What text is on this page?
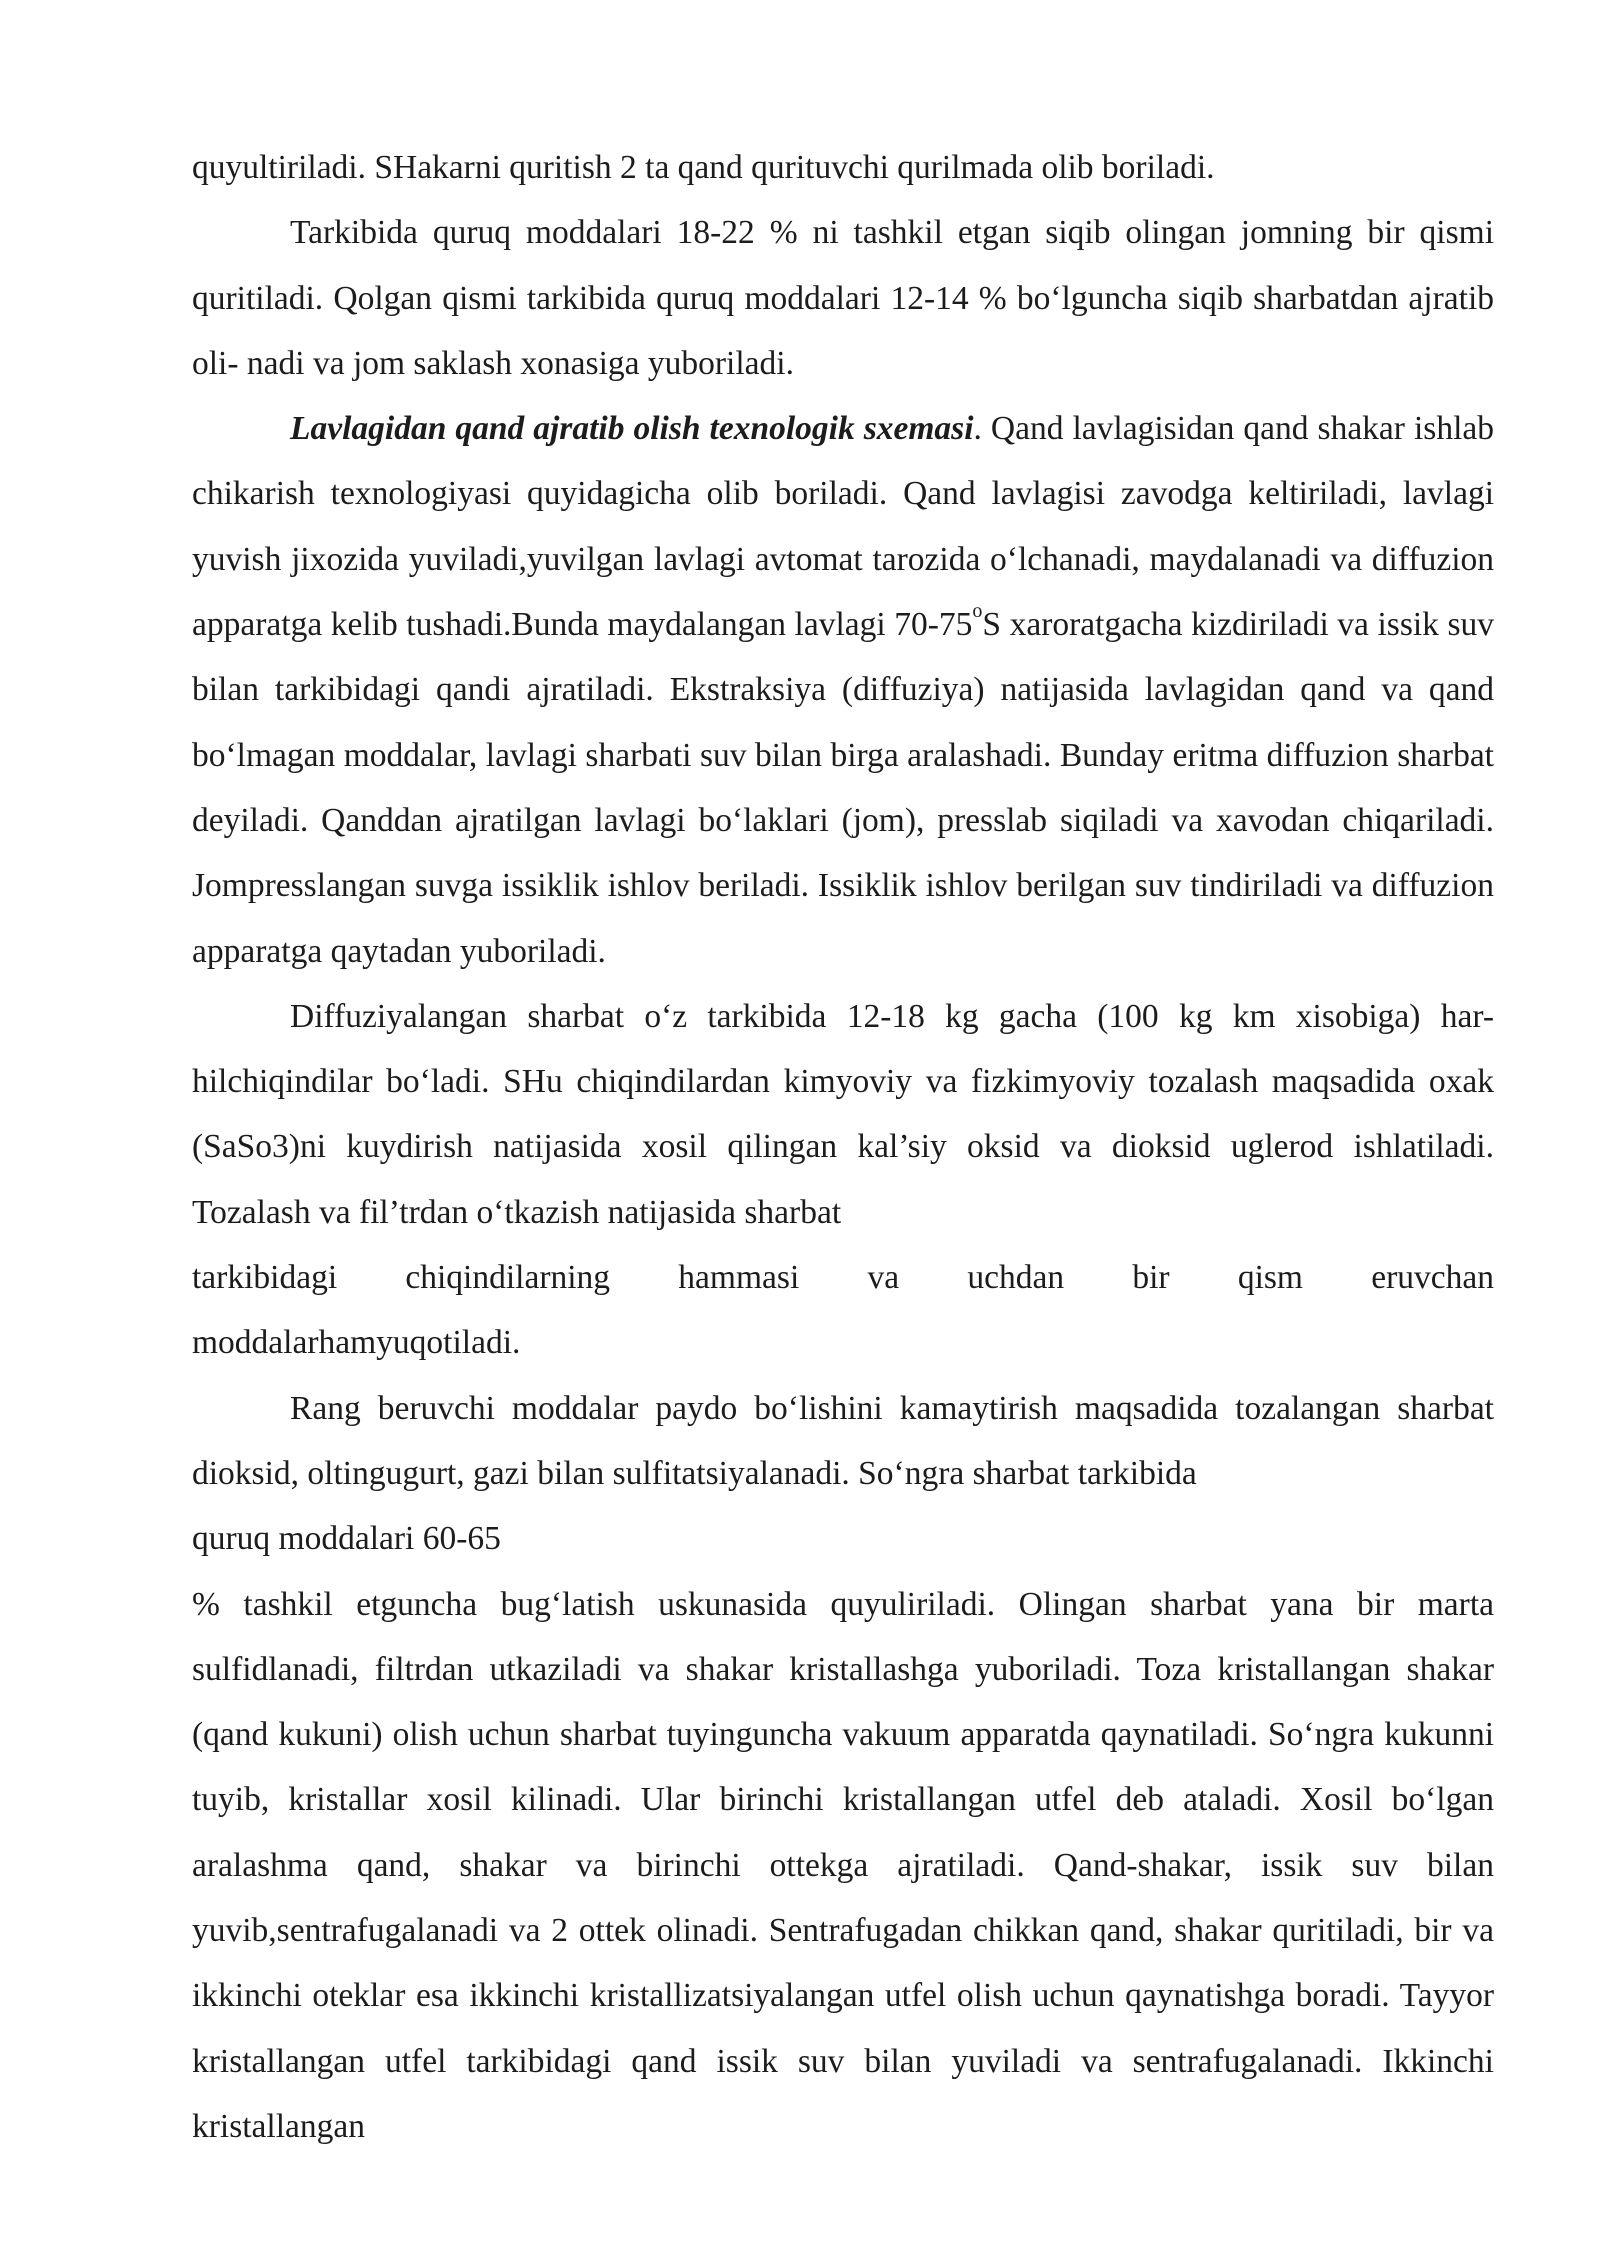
quyultiriladi. SHakarni quritish 2 ta qand qurituvchi qurilmada olib boriladi.

Tarkibida quruq moddalari 18-22 % ni tashkil etgan siqib olingan jomning bir qismi quritiladi. Qolgan qismi tarkibida quruq moddalari 12-14 % bo‘lguncha siqib sharbatdan ajratib oli- nadi va jom saklash xonasiga yuboriladi.

Lavlagidan qand ajratib olish texnologik sxemasi. Qand lavlagisidan qand shakar ishlab chikarish texnologiyasi quyidagicha olib boriladi. Qand lavlagisi zavodga keltiriladi, lavlagi yuvish jixozida yuviladi,yuvilgan lavlagi avtomat tarozida o‘lchanadi, maydalanadi va diffuzion apparatga kelib tushadi.Bunda maydalangan lavlagi 70-75$^o$S xaroratgacha kizdiriladi va issik suv bilan tarkibidagi qandi ajratiladi. Ekstraksiya (diffuziya) natijasida lavlagidan qand va qand bo‘lmagan moddalar, lavlagi sharbati suv bilan birga aralashadi. Bunday eritma diffuzion sharbat deyiladi. Qanddan ajratilgan lavlagi bo‘laklari (jom), presslab siqiladi va xavodan chiqariladi. Jompresslangan suvga issiklik ishlov beriladi. Issiklik ishlov berilgan suv tindiriladi va diffuzion apparatga qaytadan yuboriladi.

Diffuziyalangan sharbat o‘z tarkibida 12-18 kg gacha (100 kg km xisobiga) har- hilchiqindilar bo‘ladi. SHu chiqindilardan kimyoviy va fizkimyoviy tozalash maqsadida oxak (SaSo3)ni kuydirish natijasida xosil qilingan kal’siy oksid va dioksid uglerod ishlatiladi. Tozalash va fil’trdan o‘tkazish natijasida sharbat
tarkibidagi chiqindilarning hammasi va uchdan bir qism eruvchan
moddalarhamyuqotiladi.

Rang beruvchi moddalar paydo bo‘lishini kamaytirish maqsadida tozalangan sharbat dioksid, oltingugurt, gazi bilan sulfitatsiyalanadi. So‘ngra sharbat tarkibida
quruq moddalari 60-65

% tashkil etguncha bug‘latish uskunasida quyuliriladi. Olingan sharbat yana bir marta sulfidlanadi, filtrdan utkaziladi va shakar kristallashga yuboriladi. Toza kristallangan shakar (qand kukuni) olish uchun sharbat tuyinguncha vakuum apparatda qaynatiladi. So‘ngra kukunni tuyib, kristallar xosil kilinadi. Ular birinchi kristallangan utfel deb ataladi. Xosil bo‘lgan aralashma qand, shakar va birinchi ottekga ajratiladi. Qand-shakar, issik suv bilan yuvib,sentrafugalanadi va 2 ottek olinadi. Sentrafugadan chikkan qand, shakar quritiladi, bir va ikkinchi oteklar esa ikkinchi kristallizatsiyalangan utfel olish uchun qaynatishga boradi. Tayyor kristallangan utfel tarkibidagi qand issik suv bilan yuviladi va sentrafugalanadi. Ikkinchi kristallangan
